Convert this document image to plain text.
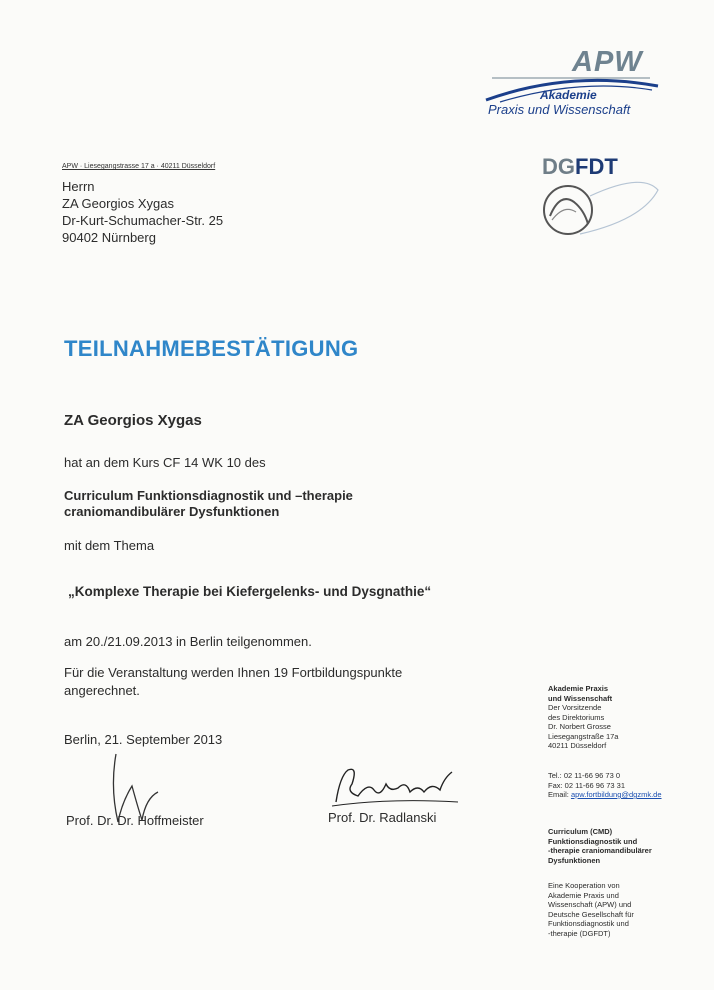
APW
Akademie
Praxis und Wissenschaft
DGFDT
APW · Liesegangstrasse 17 a · 40211 Düsseldorf
Herrn
ZA Georgios Xygas
Dr-Kurt-Schumacher-Str. 25
90402 Nürnberg
TEILNAHMEBESTÄTIGUNG
ZA Georgios Xygas
hat an dem Kurs CF 14 WK 10 des
Curriculum Funktionsdiagnostik und –therapie
craniomandibulärer Dysfunktionen
mit dem Thema
„Komplexe Therapie bei Kiefergelenks- und Dysgnathie“
am 20./21.09.2013 in Berlin teilgenommen.
Für die Veranstaltung werden Ihnen 19 Fortbildungspunkte
angerechnet.
Berlin, 21. September 2013
Prof. Dr. Dr. Hoffmeister	Prof. Dr. Radlanski
Akademie Praxis
und Wissenschaft
Der Vorsitzende
des Direktoriums
Dr. Norbert Grosse
Liesegangstraße 17a
40211 Düsseldorf
Tel.: 02 11-66 96 73 0
Fax: 02 11-66 96 73 31
Email: apw.fortbildung@dgzmk.de
Curriculum (CMD)
Funktionsdiagnostik und
-therapie craniomandibulärer
Dysfunktionen
Eine Kooperation von
Akademie Praxis und
Wissenschaft (APW) und
Deutsche Gesellschaft für
Funktionsdiagnostik und
-therapie (DGFDT)
